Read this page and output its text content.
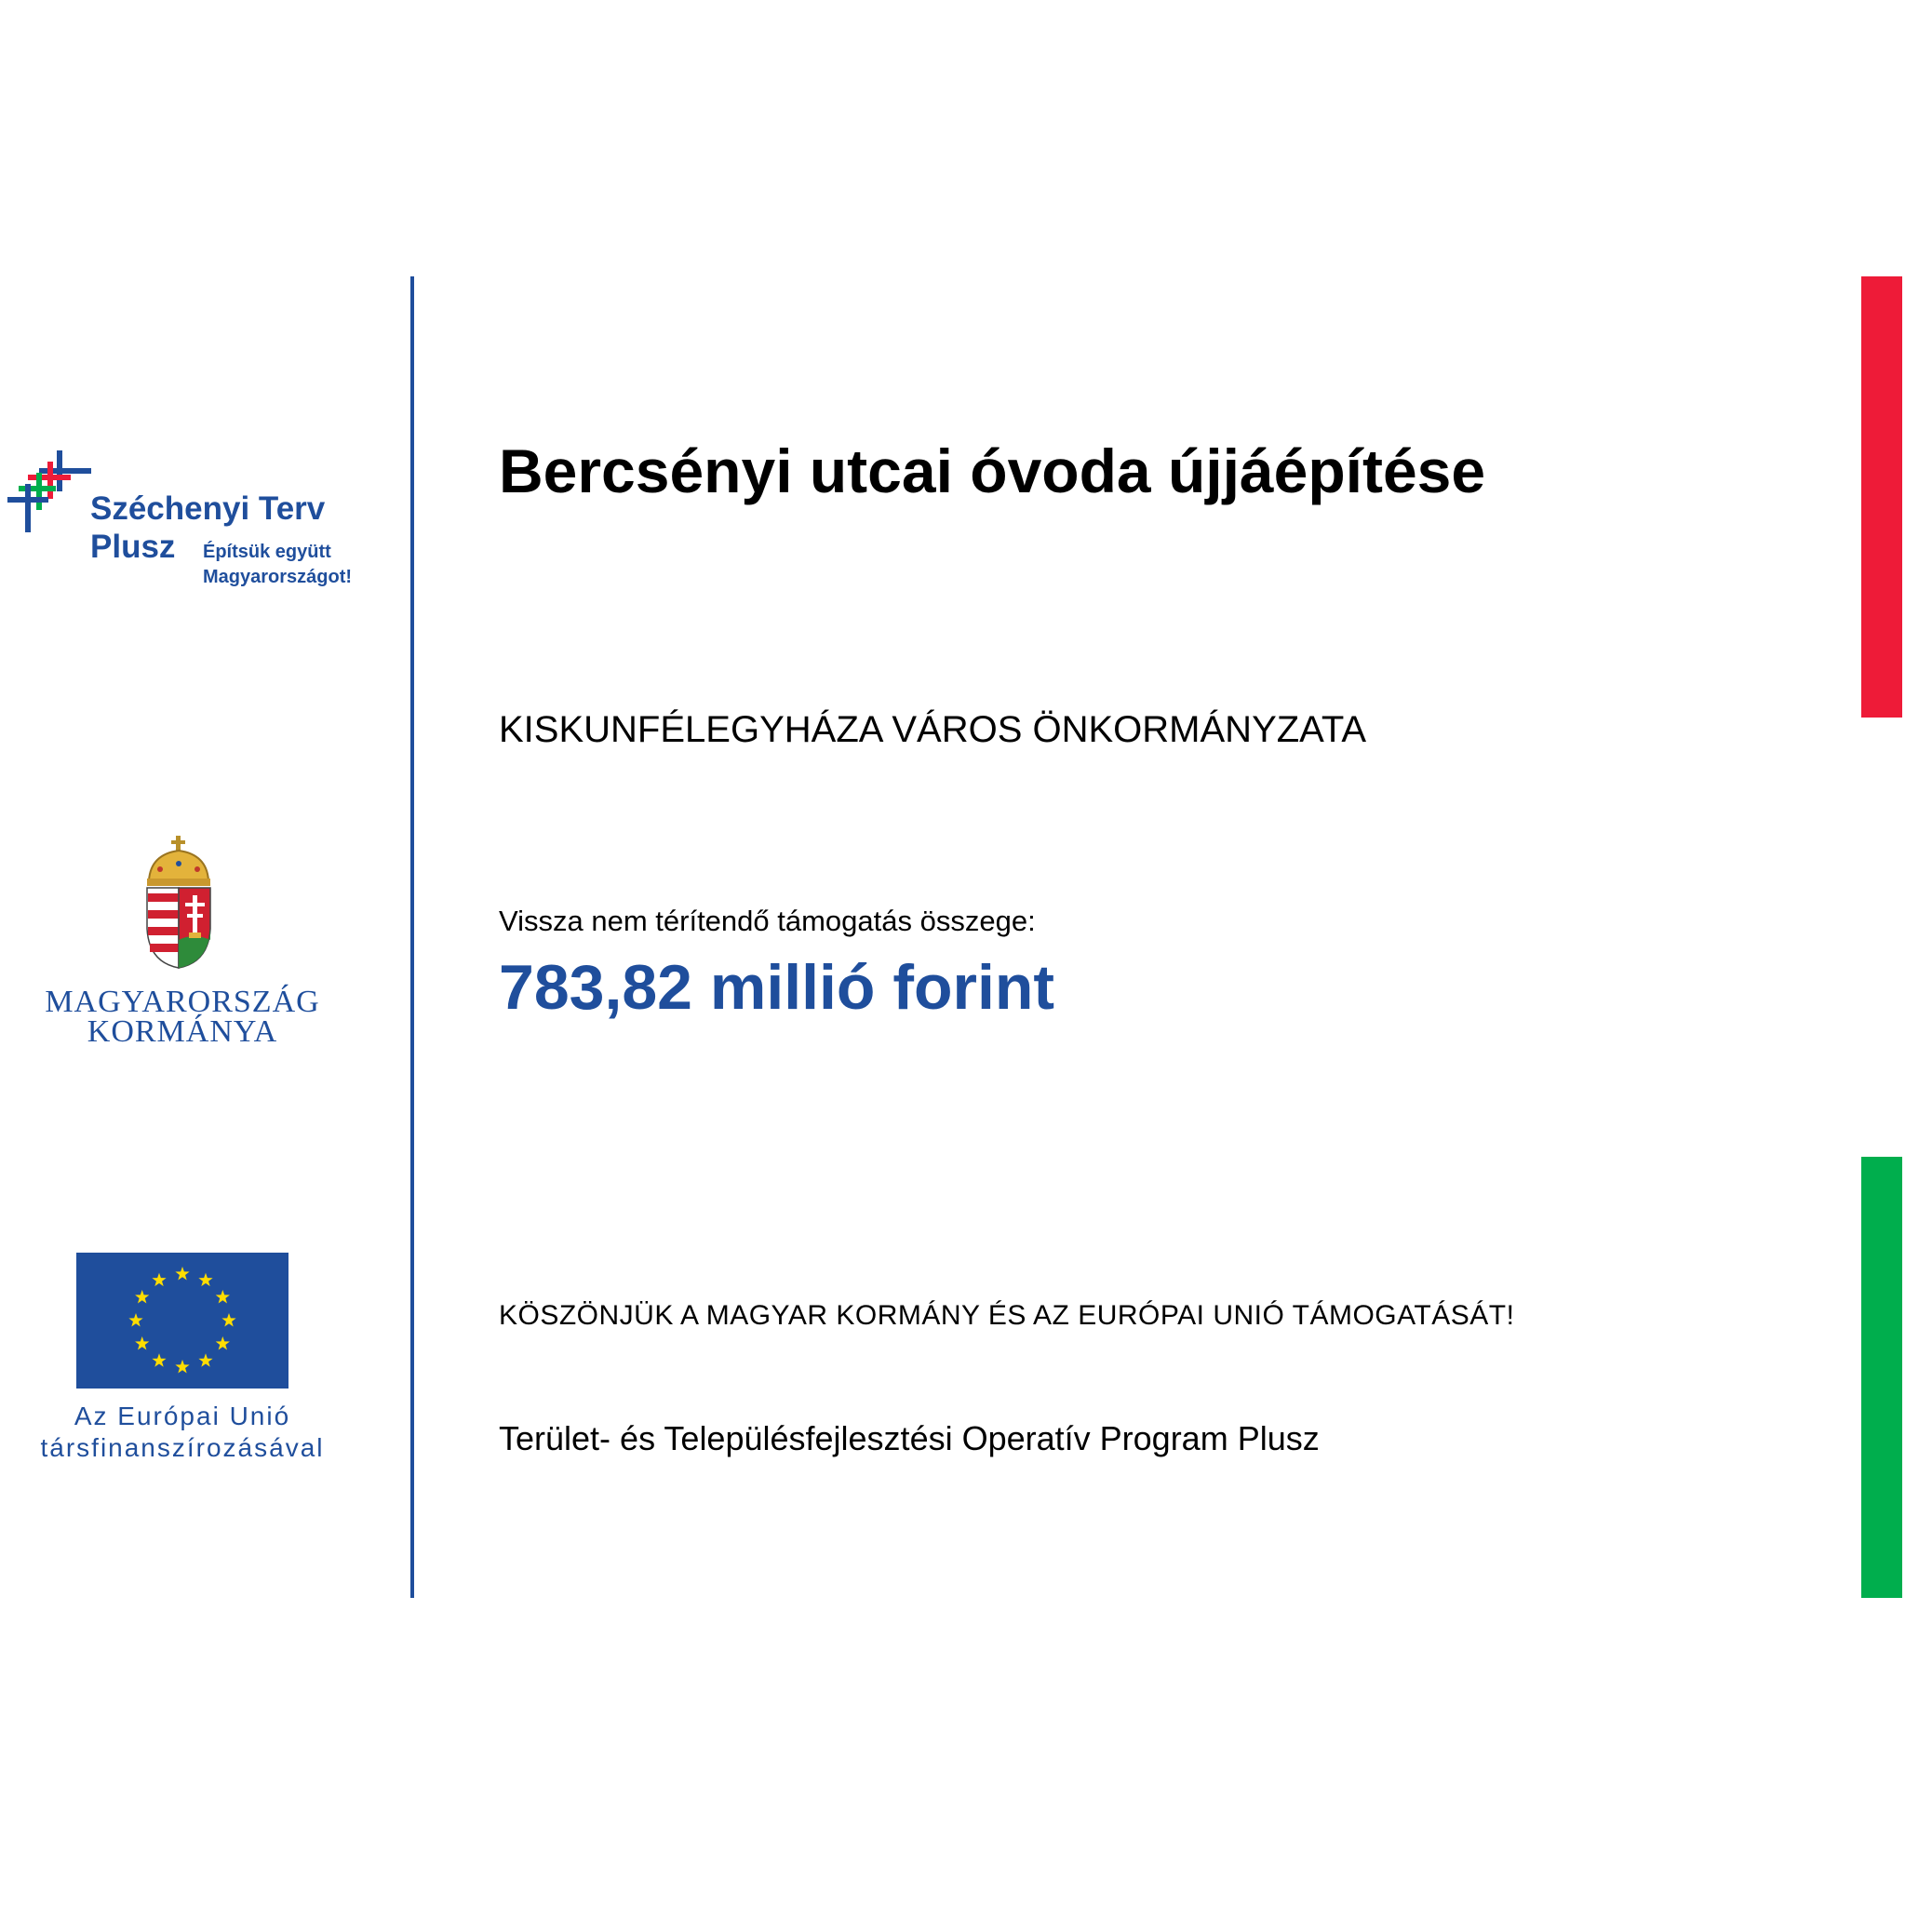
Széchenyi Terv
Plusz Építsük együtt
Magyarországot!
MAGYARORSZÁG
KORMÁNYA
Az Európai Unió
társfinanszírozásával
Bercsényi utcai óvoda újjáépítése
KISKUNFÉLEGYHÁZA VÁROS ÖNKORMÁNYZATA
Vissza nem térítendő támogatás összege:
783,82 millió forint
KÖSZÖNJÜK A MAGYAR KORMÁNY ÉS AZ EURÓPAI UNIÓ TÁMOGATÁSÁT!
Terület- és Településfejlesztési Operatív Program Plusz
